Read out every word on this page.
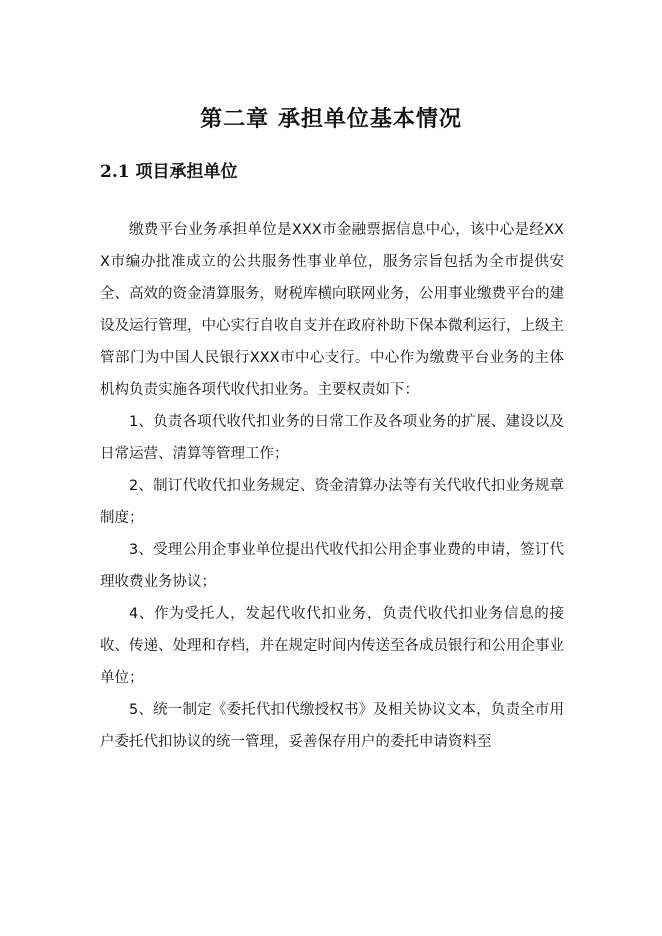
第二章 承担单位基本情况
2.1 项目承担单位

缴费平台业务承担单位是XXX市金融票据信息中心，该中心是经XXX市编办批准成立的公共服务性事业单位，服务宗旨包括为全市提供安全、高效的资金清算服务，财税库横向联网业务，公用事业缴费平台的建设及运行管理，中心实行自收自支并在政府补助下保本微利运行，上级主管部门为中国人民银行XXX市中心支行。中心作为缴费平台业务的主体机构负责实施各项代收代扣业务。主要权责如下：

1、负责各项代收代扣业务的日常工作及各项业务的扩展、建设以及日常运营、清算等管理工作；

2、制订代收代扣业务规定、资金清算办法等有关代收代扣业务规章制度；

3、受理公用企事业单位提出代收代扣公用企事业费的申请，签订代理收费业务协议；

4、作为受托人，发起代收代扣业务，负责代收代扣业务信息的接收、传递、处理和存档，并在规定时间内传送至各成员银行和公用企事业单位；

5、统一制定《委托代扣代缴授权书》及相关协议文本，负责全市用户委托代扣协议的统一管理，妥善保存用户的委托申请资料至
